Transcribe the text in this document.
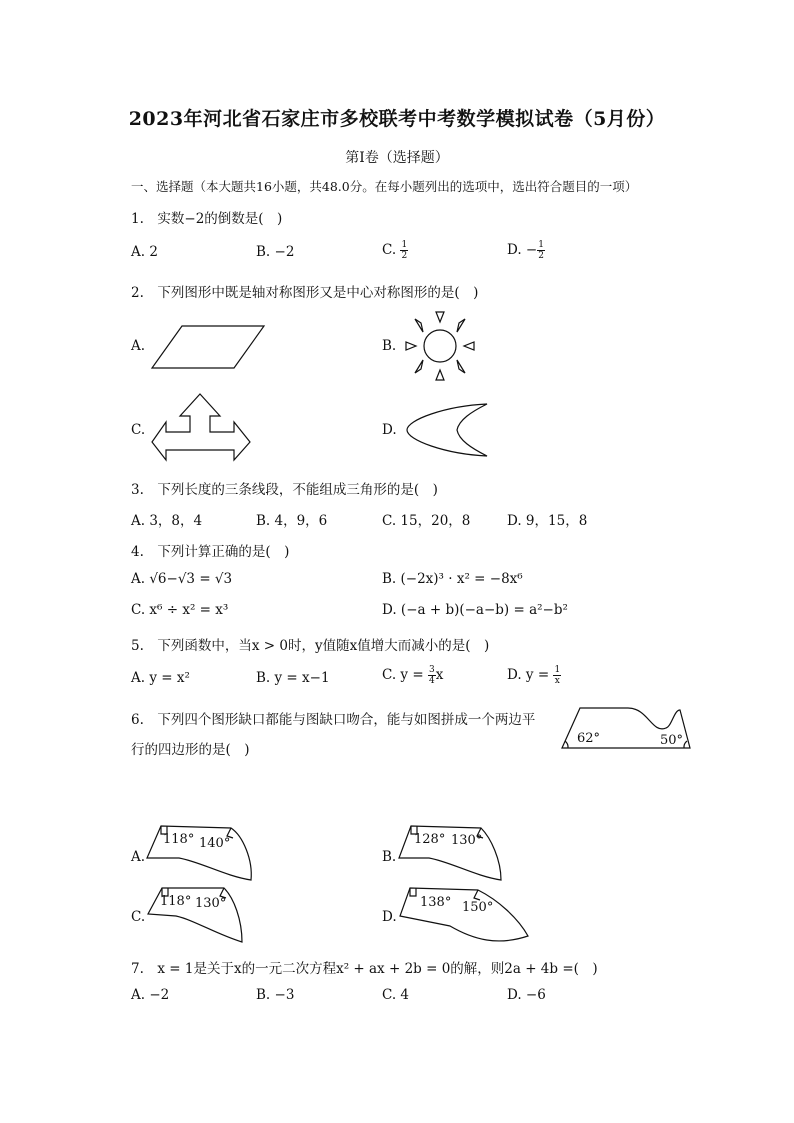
2023年河北省石家庄市多校联考中考数学模拟试卷（5月份）
第Ⅰ卷（选择题）
一、选择题（本大题共16小题，共48.0分。在每小题列出的选项中，选出符合题目的一项）
1.　实数−2的倒数是(　)
A. 2	B. −2	C. $\frac{1}{2}$	D. − $\frac{1}{2}$
2.　下列图形中既是轴对称图形又是中心对称图形的是(　)
A.	B.
C.	D.
3.　下列长度的三条线段，不能组成三角形的是(　)
A. 3，8，4	B. 4，9，6	C. 15，20，8	D. 9，15，8
4.　下列计算正确的是(　)
A. √6−√3 = √3	B. (−2x)³ · x² = −8x⁶
C. x⁶ ÷ x² = x³	D. (−a + b)(−a−b) = a²−b²
5.　下列函数中，当x > 0时，y值随x值增大而减小的是(　)
A. y = x²	B. y = x−1	C. $y = \frac{3}{4}$ x	D. $y = \frac{1}{x}$
6.　下列四个图形缺口都能与图缺口吻合，能与如图拼成一个两边平
行的四边形的是(　)
62°	50°
A.
118° 140°
B.
128° 130°
C.
118° 130°
D.
138° 150°
7.　x = 1是关于x的一元二次方程x² + ax + 2b = 0的解，则2a + 4b =(　)
A. −2	B. −3	C. 4	D. −6
